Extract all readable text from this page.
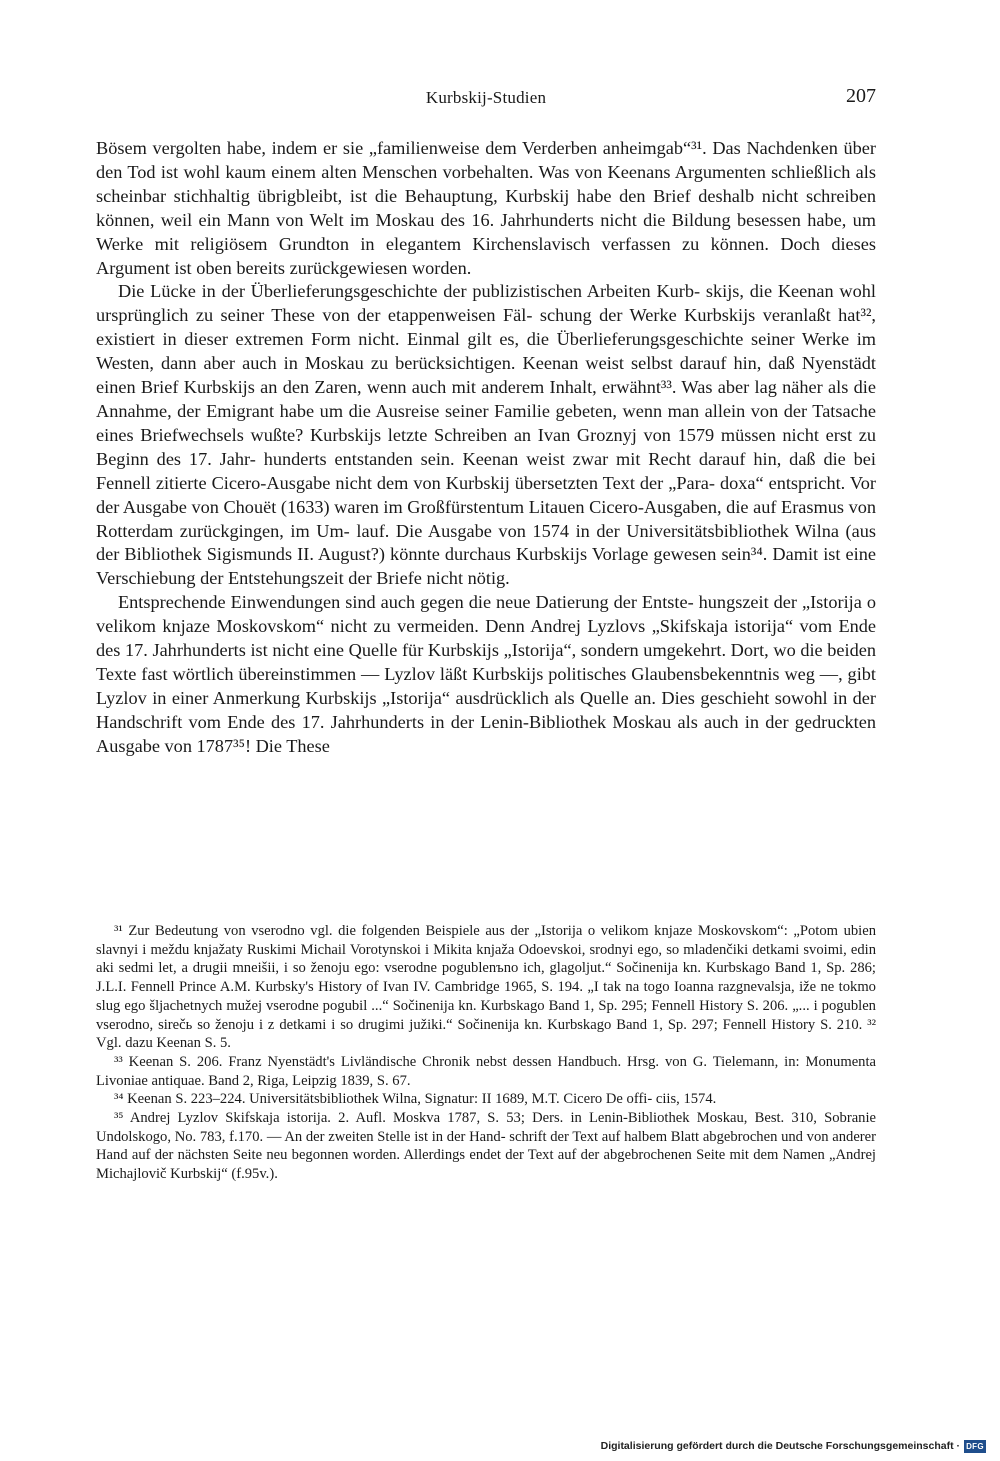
Kurbskij-Studien	207

Bösem vergolten habe, indem er sie „familienweise dem Verderben anheimgab“³¹. Das Nachdenken über den Tod ist wohl kaum einem alten Menschen vorbehalten. Was von Keenans Argumenten schließlich als scheinbar stichhaltig übrigbleibt, ist die Behauptung, Kurbskij habe den Brief deshalb nicht schreiben können, weil ein Mann von Welt im Moskau des 16. Jahrhunderts nicht die Bildung besessen habe, um Werke mit religiösem Grundton in elegantem Kirchenslavisch verfassen zu können. Doch dieses Argument ist oben bereits zurückgewiesen worden.

Die Lücke in der Überlieferungsgeschichte der publizistischen Arbeiten Kurb- skijs, die Keenan wohl ursprünglich zu seiner These von der etappenweisen Fäl- schung der Werke Kurbskijs veranlaßt hat³², existiert in dieser extremen Form nicht. Einmal gilt es, die Überlieferungsgeschichte seiner Werke im Westen, dann aber auch in Moskau zu berücksichtigen. Keenan weist selbst darauf hin, daß Nyenstädt einen Brief Kurbskijs an den Zaren, wenn auch mit anderem Inhalt, erwähnt³³. Was aber lag näher als die Annahme, der Emigrant habe um die Ausreise seiner Familie gebeten, wenn man allein von der Tatsache eines Briefwechsels wußte? Kurbskijs letzte Schreiben an Ivan Groznyj von 1579 müssen nicht erst zu Beginn des 17. Jahr- hunderts entstanden sein. Keenan weist zwar mit Recht darauf hin, daß die bei Fennell zitierte Cicero-Ausgabe nicht dem von Kurbskij übersetzten Text der „Para- doxa“ entspricht. Vor der Ausgabe von Chouët (1633) waren im Großfürstentum Litauen Cicero-Ausgaben, die auf Erasmus von Rotterdam zurückgingen, im Um- lauf. Die Ausgabe von 1574 in der Universitätsbibliothek Wilna (aus der Bibliothek Sigismunds II. August?) könnte durchaus Kurbskijs Vorlage gewesen sein³⁴. Damit ist eine Verschiebung der Entstehungszeit der Briefe nicht nötig.

Entsprechende Einwendungen sind auch gegen die neue Datierung der Entste- hungszeit der „Istorija o velikom knjaze Moskovskom“ nicht zu vermeiden. Denn Andrej Lyzlovs „Skifskaja istorija“ vom Ende des 17. Jahrhunderts ist nicht eine Quelle für Kurbskijs „Istorija“, sondern umgekehrt. Dort, wo die beiden Texte fast wörtlich übereinstimmen — Lyzlov läßt Kurbskijs politisches Glaubensbekenntnis weg —, gibt Lyzlov in einer Anmerkung Kurbskijs „Istorija“ ausdrücklich als Quelle an. Dies geschieht sowohl in der Handschrift vom Ende des 17. Jahrhunderts in der Lenin-Bibliothek Moskau als auch in der gedruckten Ausgabe von 1787³⁵! Die These

³¹ Zur Bedeutung von vserodno vgl. die folgenden Beispiele aus der „Istorija o velikom knjaze Moskovskom“: „Potom ubien slavnyi i meždu knjažaty Ruskimi Michail Vorotynskoi i Mikita knjaža Odoevskoi, srodnyi ego, so mladenčiki detkami svoimi, edin aki sedmi let, a drugii mneišii, i so ženoju ego: vserodne pogublenъno ich, glagoljut.“ Sočinenija kn. Kurbskago Band 1, Sp. 286; J.L.I. Fennell Prince A.M. Kurbsky's History of Ivan IV. Cambridge 1965, S. 194. „I tak na togo Ioanna razgnevalsja, iže ne tokmo slug ego šljachetnych mužej vserodne pogubil ...“ Sočinenija kn. Kurbskago Band 1, Sp. 295; Fennell History S. 206. „... i pogublen vserodno, sirečь so ženoju i z detkami i so drugimi južiki.“ Sočinenija kn. Kurbskago Band 1, Sp. 297; Fennell History S. 210. ³² Vgl. dazu Keenan S. 5.

³³ Keenan S. 206. Franz Nyenstädt's Livländische Chronik nebst dessen Handbuch. Hrsg. von G. Tielemann, in: Monumenta Livoniae antiquae. Band 2, Riga, Leipzig 1839, S. 67.

³⁴ Keenan S. 223–224. Universitätsbibliothek Wilna, Signatur: II 1689, M.T. Cicero De offi- ciis, 1574.

³⁵ Andrej Lyzlov Skifskaja istorija. 2. Aufl. Moskva 1787, S. 53; Ders. in Lenin-Bibliothek Moskau, Best. 310, Sobranie Undolskogo, No. 783, f.170. — An der zweiten Stelle ist in der Hand- schrift der Text auf halbem Blatt abgebrochen und von anderer Hand auf der nächsten Seite neu begonnen worden. Allerdings endet der Text auf der abgebrochenen Seite mit dem Namen „Andrej Michajlovič Kurbskij“ (f.95v.).

Digitalisierung gefördert durch die Deutsche Forschungsgemeinschaft · DFG
